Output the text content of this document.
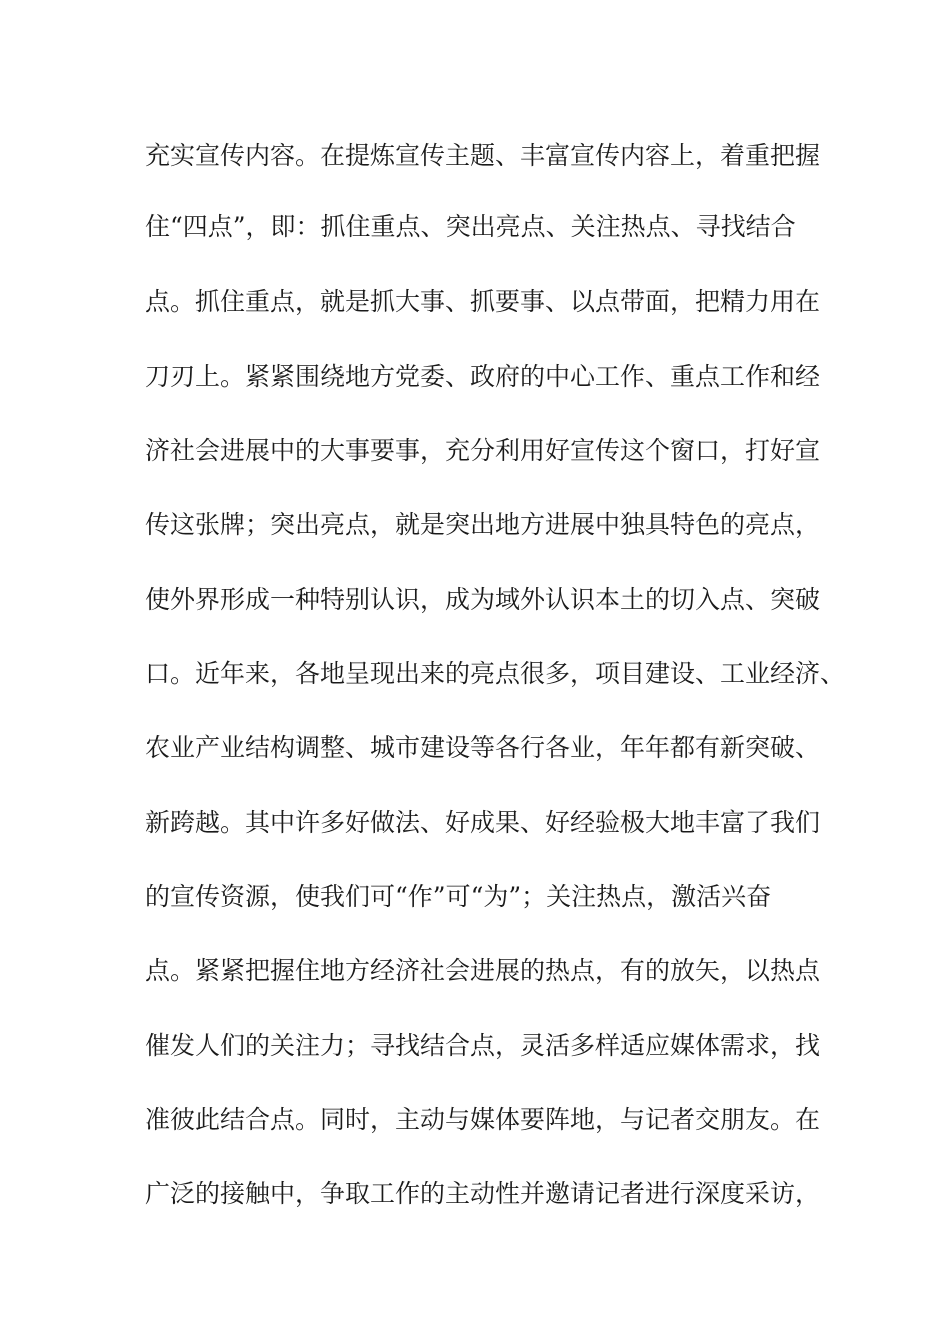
充实宣传内容。在提炼宣传主题、丰富宣传内容上，着重把握

住“四点”，即：抓住重点、突出亮点、关注热点、寻找结合

点。抓住重点，就是抓大事、抓要事、以点带面，把精力用在

刀刃上。紧紧围绕地方党委、政府的中心工作、重点工作和经

济社会进展中的大事要事，充分利用好宣传这个窗口，打好宣

传这张牌；突出亮点，就是突出地方进展中独具特色的亮点，

使外界形成一种特别认识，成为域外认识本土的切入点、突破

口。近年来，各地呈现出来的亮点很多，项目建设、工业经济、

农业产业结构调整、城市建设等各行各业，年年都有新突破、

新跨越。其中许多好做法、好成果、好经验极大地丰富了我们

的宣传资源，使我们可“作”可“为”；关注热点，激活兴奋

点。紧紧把握住地方经济社会进展的热点，有的放矢，以热点

催发人们的关注力；寻找结合点，灵活多样适应媒体需求，找

准彼此结合点。同时，主动与媒体要阵地，与记者交朋友。在

广泛的接触中，争取工作的主动性并邀请记者进行深度采访，
